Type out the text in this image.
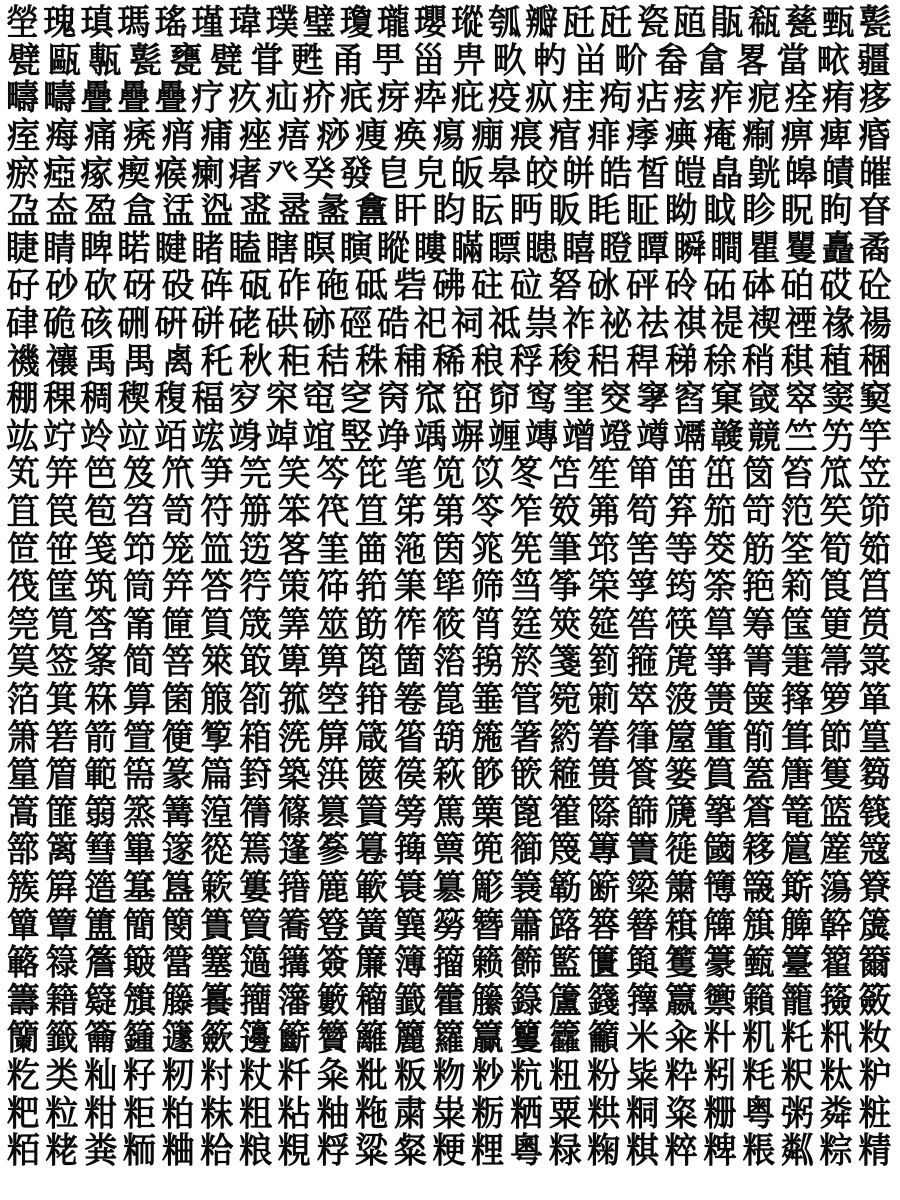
塋 瑰 瑱 瑪 瑤 瑾 瑋 璞 璧 瓊 瓏 瓔 瑽 瓠 瓣 瓩 瓩 瓷 瓸 瓹 瓻 甆 甄 甏
甓 甌 甎 甏 甕 甓 甞 甦 甬 甼 甾 畁 畂 畃 畄 畍 畚 畣 畧 當 畩 疆
疇 疇 疊 疊 疊 疗 疚 疝 疥 疧 疨 疩 疪 疫 疭 疰 痀 痁 痃 痄 痆 痊 痏 痑
痓 痗 痛 痜 痟 痡 痤 痦 痧 痩 痪 痬 痭 痮 痯 痱 痵 痶 痷 痸 痹 痺 痻
瘀 瘂 瘃 瘈 瘊 瘌 瘏 癶 癸 發 皀 皃 皈 皋 皎 皏 皓 皙 皚 皛 皝 皞 皟 皠
盁 盇 盈 盒 盓 盕 盚 盝 盠 盫 盰 盷 眃 眄 眅 眊 眐 眑 眓 眕 眖 眗 眘
睫 睛 睥 睰 睷 睹 瞌 瞎 瞑 瞚 瞛 瞜 瞞 瞟 瞣 瞦 瞪 瞫 瞬 瞷 瞿 矍 矗 矞
矷 砂 砍 砑 砓 砗 砙 砟 砤 砥 砦 砩 砫 砬 砮 砯 砰 砱 砳 砵 砶 砹 砼
硉 硊 硋 硎 硏 硑 硓 硔 硛 硜 硞 祀 祠 祗 祟 祚 祕 祛 祺 禔 禊 禋 禒 禓
禨 禳 禹 禺 禼 秅 秋 秬 秸 秼 秿 稀 稂 稃 稄 稆 稈 稊 稌 稍 稘 稙 稛
稝 稞 稠 稧 稪 稫 穸 穼 窀 窆 窉 窊 窋 窌 窎 窐 窔 窙 窞 窠 窢 窣 窦 窫
竑 竚 竛 竝 竡 竤 竧 竨 竩 竪 竫 竬 竮 竰 竱 竲 竳 竴 竵 竷 竸 竺 竻 竽
笂 笄 笆 笈 笊 笋 笎 笑 笒 笓 笔 笕 笖 笗 笘 笙 笚 笛 笜 笝 笞 笟 笠
笡 笢 笣 笤 笥 符 笧 笨 笩 笪 笫 第 笭 笮 笯 笰 笱 笲 笳 笴 笵 笶 笷
笸 笹 笺 笻 笼 笽 笾 笿 筀 筁 筂 筃 筄 筅 筆 筇 筈 等 筊 筋 筌 筍 筎
筏 筐 筑 筒 筓 答 筕 策 筗 筘 筙 筚 筛 筜 筝 筞 筟 筠 筡 筢 筣 筤 筥
筦 筧 筨 筩 筪 筫 筬 筭 筮 筯 筰 筱 筲 筳 筴 筵 筶 筷 筸 筹 筺 筻 筼
筽 签 筿 简 箁 箂 箃 箄 箅 箆 箇 箈 箉 箊 箋 箌 箍 箎 箏 箐 箑 箒 箓
箔 箕 箖 算 箘 箙 箚 箛 箜 箝 箞 箟 箠 管 箢 箣 箤 箥 箦 箧 箨 箩 箪
箫 箬 箭 箮 箯 箰 箱 箲 箳 箴 箵 箶 箷 箸 箹 箺 箻 箼 箽 箾 箿 節 篁
篂 篃 範 篅 篆 篇 篈 築 篊 篋 篌 篍 篎 篏 篐 篑 篒 篓 篔 篕 篖 篗 篘
篙 篚 篛 篜 篝 篞 篟 篠 篡 篢 篣 篤 篥 篦 篧 篨 篩 篪 篫 篬 篭 篮 篯
篰 篱 篲 篳 篴 篵 篶 篷 篸 篹 篺 篻 篼 篽 篾 篿 簀 簁 簂 簃 簄 簅 簆
簇 簈 簉 簊 簋 簌 簍 簎 簏 簐 簑 簒 簓 簔 簕 簖 簗 簘 簙 簚 簛 簜 簝
簞 簟 簠 簡 簢 簣 簤 簥 簦 簧 簨 簩 簪 簫 簬 簭 簮 簯 簰 簱 簲 簳 簴
簵 簶 簷 簸 簹 簺 簻 簼 簽 簾 簿 籀 籁 籂 籃 籄 籅 籆 籇 籈 籉 籊 籋
籌 籍 籎 籏 籐 籑 籒 籓 籔 籕 籖 籗 籘 籙 籚 籛 籜 籝 籞 籟 籠 籡 籢
籣 籤 籥 籦 籧 籨 籩 籪 籫 籬 籭 籮 籯 籰 籱 籲 米 籴 籵 籶 籷 籸 籹
籺 类 籼 籽 籾 籿 粀 粁 粂 粃 粄 粅 粆 粇 粈 粉 粊 粋 粌 粍 粎 粏 粐
粑 粒 粓 粔 粕 粖 粗 粘 粙 粚 粛 粜 粝 粞 粟 粠 粡 粢 粣 粤 粥 粦 粧
粨 粩 粪 粫 粬 粭 粮 粯 粰 粱 粲 粳 粴 粵 粶 粷 粸 粹 粺 粻 粼 粽 精
